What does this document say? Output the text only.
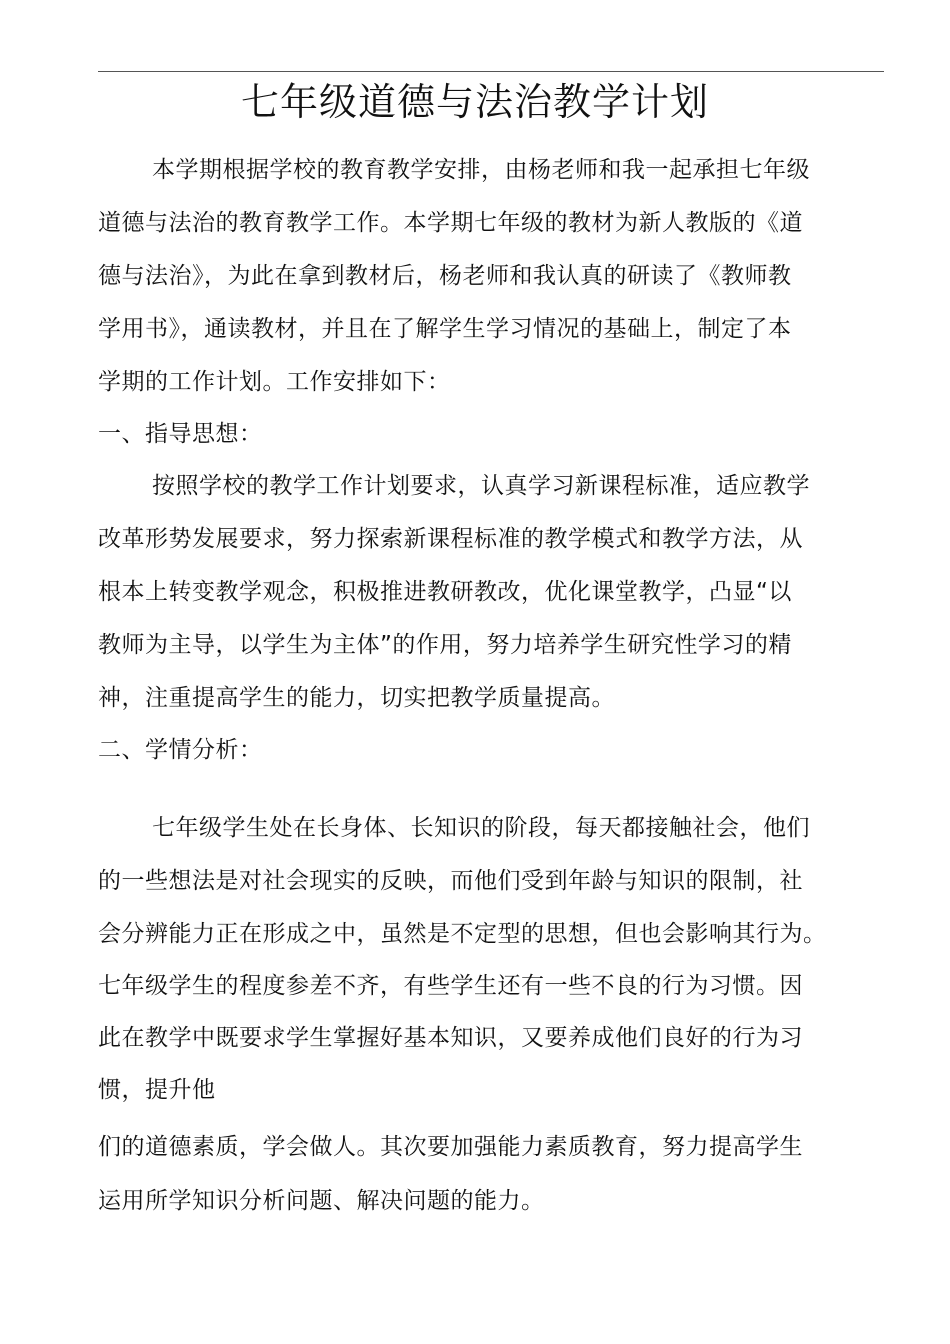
七年级道德与法治教学计划
本学期根据学校的教育教学安排，由杨老师和我一起承担七年级
道德与法治的教育教学工作。本学期七年级的教材为新人教版的《道
德与法治》，为此在拿到教材后，杨老师和我认真的研读了《教师教
学用书》，通读教材，并且在了解学生学习情况的基础上，制定了本
学期的工作计划。工作安排如下：
一、指导思想：
按照学校的教学工作计划要求，认真学习新课程标准，适应教学
改革形势发展要求，努力探索新课程标准的教学模式和教学方法，从
根本上转变教学观念，积极推进教研教改，优化课堂教学，凸显“以
教师为主导，以学生为主体”的作用，努力培养学生研究性学习的精
神，注重提高学生的能力，切实把教学质量提高。
二、学情分析：
七年级学生处在长身体、长知识的阶段，每天都接触社会，他们
的一些想法是对社会现实的反映，而他们受到年龄与知识的限制，社
会分辨能力正在形成之中，虽然是不定型的思想，但也会影响其行为。
七年级学生的程度参差不齐，有些学生还有一些不良的行为习惯。因
此在教学中既要求学生掌握好基本知识，又要养成他们良好的行为习
惯，提升他
们的道德素质，学会做人。其次要加强能力素质教育，努力提高学生
运用所学知识分析问题、解决问题的能力。
